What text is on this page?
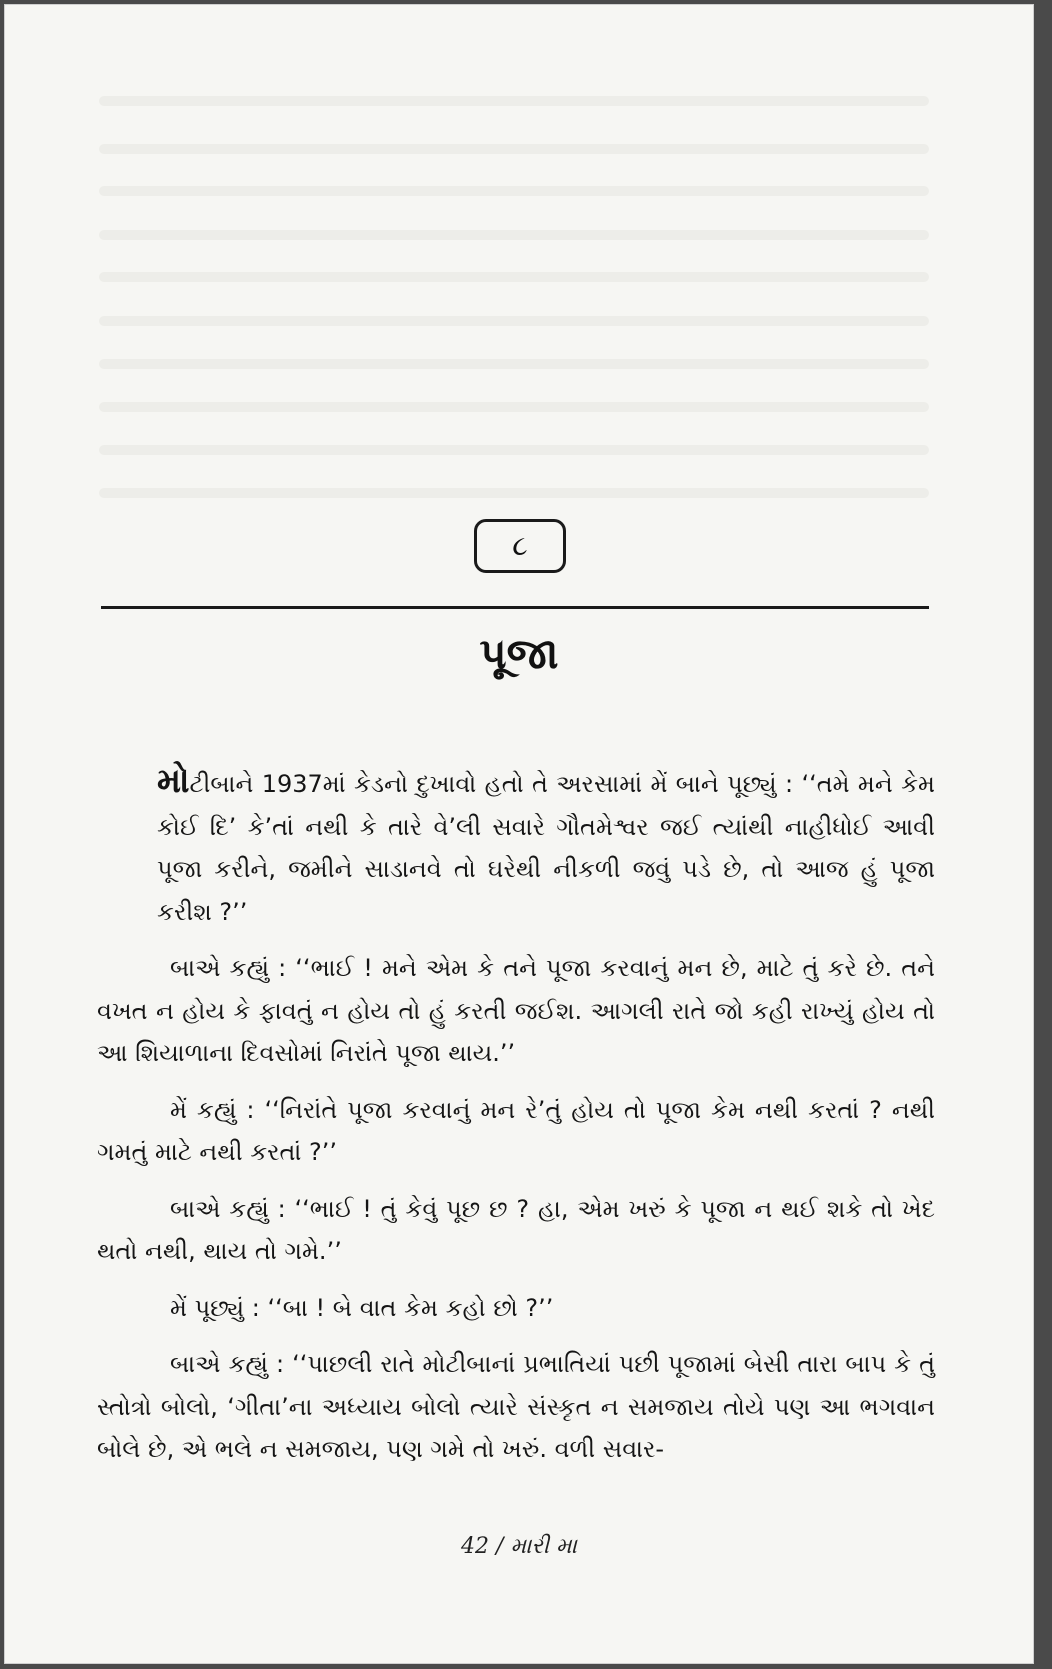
૮
પૂજા

મોટીબાને 1937માં કેડનો દુખાવો હતો તે અરસામાં મેં બાને પૂછ્યું : ‘‘તમે મને કેમ કોઈ દિ’ કે’તાં નથી કે તારે વે’લી સવારે ગૌતમેશ્વર જઈ ત્યાંથી નાહીધોઈ આવી પૂજા કરીને, જમીને સાડાનવે તો ઘરેથી નીકળી જવું પડે છે, તો આજ હું પૂજા કરીશ ?’’

બાએ કહ્યું : ‘‘ભાઈ ! મને એમ કે તને પૂજા કરવાનું મન છે, માટે તું કરે છે. તને વખત ન હોય કે ફાવતું ન હોય તો હું કરતી જઈશ. આગલી રાતે જો કહી રાખ્યું હોય તો આ શિયાળાના દિવસોમાં નિરાંતે પૂજા થાય.’’

મેં કહ્યું : ‘‘નિરાંતે પૂજા કરવાનું મન રે’તું હોય તો પૂજા કેમ નથી કરતાં ? નથી ગમતું માટે નથી કરતાં ?’’

બાએ કહ્યું : ‘‘ભાઈ ! તું કેવું પૂછ છ ? હા, એમ ખરું કે પૂજા ન થઈ શકે તો ખેદ થતો નથી, થાય તો ગમે.’’

મેં પૂછ્યું : ‘‘બા ! બે વાત કેમ કહો છો ?’’

બાએ કહ્યું : ‘‘પાછલી રાતે મોટીબાનાં પ્રભાતિયાં પછી પૂજામાં બેસી તારા બાપ કે તું સ્તોત્રો બોલો, ‘ગીતા’ના અધ્યાય બોલો ત્યારે સંસ્કૃત ન સમજાય તોયે પણ આ ભગવાન બોલે છે, એ ભલે ન સમજાય, પણ ગમે તો ખરું. વળી સવાર-

42 / મારી મા
